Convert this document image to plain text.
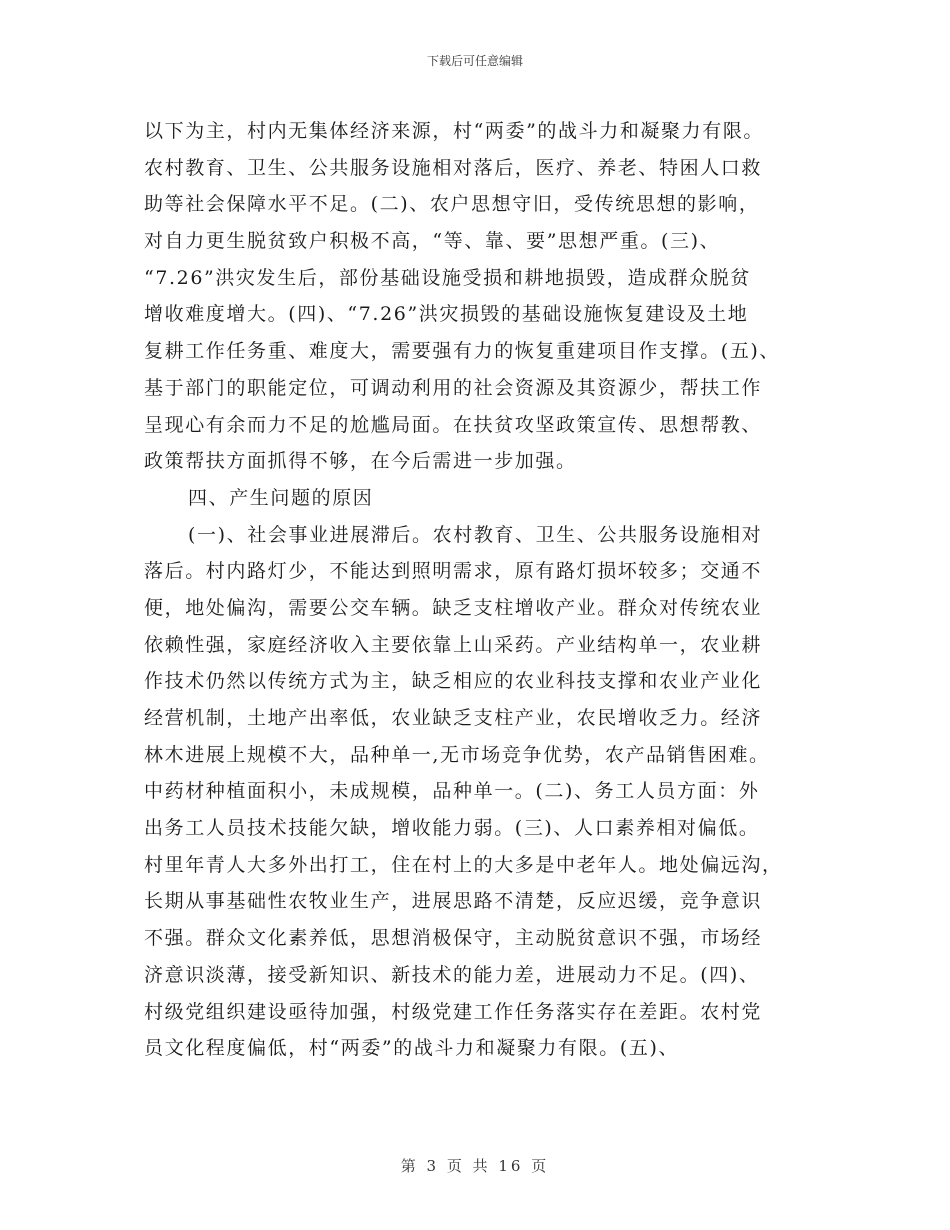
下载后可任意编辑
以下为主，村内无集体经济来源，村“两委”的战斗力和凝聚力有限。
农村教育、卫生、公共服务设施相对落后，医疗、养老、特困人口救
助等社会保障水平不足。(二)、农户思想守旧，受传统思想的影响，
对自力更生脱贫致户积极不高，“等、靠、要”思想严重。(三)、
“7.26”洪灾发生后，部份基础设施受损和耕地损毁，造成群众脱贫
增收难度增大。(四)、“7.26”洪灾损毁的基础设施恢复建设及土地
复耕工作任务重、难度大，需要强有力的恢复重建项目作支撑。(五)、
基于部门的职能定位，可调动利用的社会资源及其资源少，帮扶工作
呈现心有余而力不足的尬尴局面。在扶贫攻坚政策宣传、思想帮教、
政策帮扶方面抓得不够，在今后需进一步加强。
四、产生问题的原因
(一)、社会事业进展滞后。农村教育、卫生、公共服务设施相对
落后。村内路灯少，不能达到照明需求，原有路灯损坏较多；交通不
便，地处偏沟，需要公交车辆。缺乏支柱增收产业。群众对传统农业
依赖性强，家庭经济收入主要依靠上山采药。产业结构单一，农业耕
作技术仍然以传统方式为主，缺乏相应的农业科技支撑和农业产业化
经营机制，土地产出率低，农业缺乏支柱产业，农民增收乏力。经济
林木进展上规模不大，品种单一,无市场竞争优势，农产品销售困难。
中药材种植面积小，未成规模，品种单一。(二)、务工人员方面：外
出务工人员技术技能欠缺，增收能力弱。(三)、人口素养相对偏低。
村里年青人大多外出打工，住在村上的大多是中老年人。地处偏远沟，
长期从事基础性农牧业生产，进展思路不清楚，反应迟缓，竞争意识
不强。群众文化素养低，思想消极保守，主动脱贫意识不强，市场经
济意识淡薄，接受新知识、新技术的能力差，进展动力不足。(四)、
村级党组织建设亟待加强，村级党建工作任务落实存在差距。农村党
员文化程度偏低，村“两委”的战斗力和凝聚力有限。(五)、
第 3 页 共 16 页
